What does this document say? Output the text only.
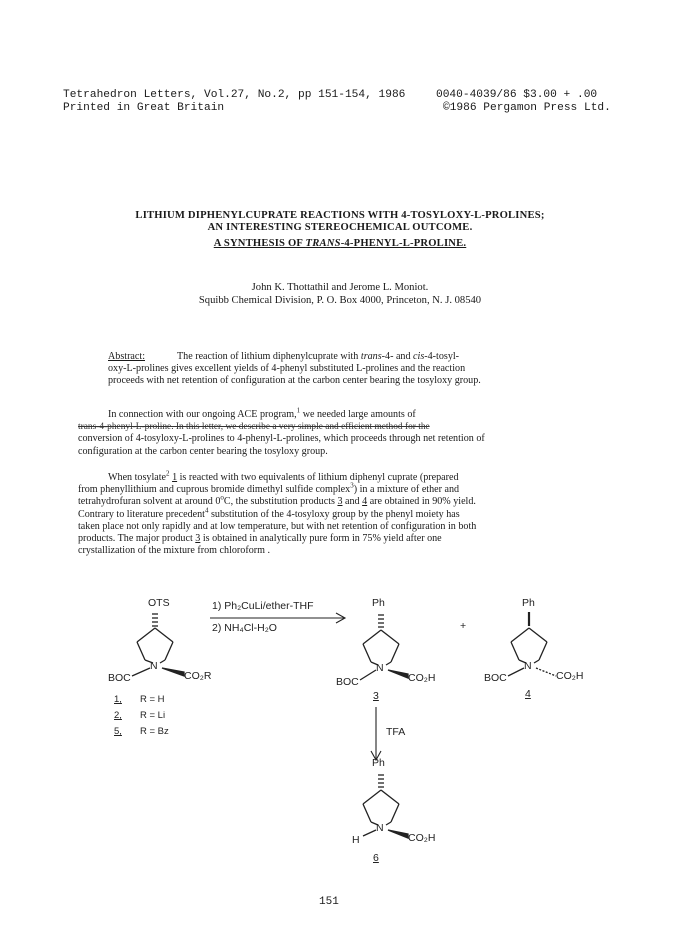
Tetrahedron Letters, Vol.27, No.2, pp 151-154, 1986	0040-4039/86 $3.00 + .00
Printed in Great Britain	©1986 Pergamon Press Ltd.
LITHIUM DIPHENYLCUPRATE REACTIONS WITH 4-TOSYLOXY-L-PROLINES;
AN INTERESTING STEREOCHEMICAL OUTCOME.
A SYNTHESIS OF TRANS-4-PHENYL-L-PROLINE.
John K. Thottathil and Jerome L. Moniot.
Squibb Chemical Division, P. O. Box 4000, Princeton, N. J. 08540
Abstract:	The reaction of lithium diphenylcuprate with trans-4- and cis-4-tosyl-
oxy-L-prolines gives excellent yields of 4-phenyl substituted L-prolines and the reaction
proceeds with net retention of configuration at the carbon center bearing the tosyloxy group.
In connection with our ongoing ACE program,$^1$ we needed large amounts of
trans-4-phenyl-L-proline. In this letter, we describe a very simple and efficient method for the
conversion of 4-tosyloxy-L-prolines to 4-phenyl-L-prolines, which proceeds through net retention of
configuration at the carbon center bearing the tosyloxy group.
When tosylate$^2$ 1 is reacted with two equivalents of lithium diphenyl cuprate (prepared
from phenyllithium and cuprous bromide dimethyl sulfide complex$^3$) in a mixture of ether and
tetrahydrofuran solvent at around 0$^o$C, the substitution products 3 and 4 are obtained in 90% yield.
Contrary to literature precedent$^4$ substitution of the 4-tosyloxy group by the phenyl moiety has
taken place not only rapidly and at low temperature, but with net retention of configuration in both
products. The major product 3 is obtained in analytically pure form in 75% yield after one
crystallization of the mixture from chloroform .
OTS
N
BOC	CO₂R
1, R = H
2, R = Li
5, R = Bz
1) Ph₂CuLi/ether-THF
2) NH₄Cl-H₂O
Ph
N
BOC	CO₂H
3
+
Ph
N
BOC	CO₂H
4
TFA
Ph
N
H	CO₂H
6
151
